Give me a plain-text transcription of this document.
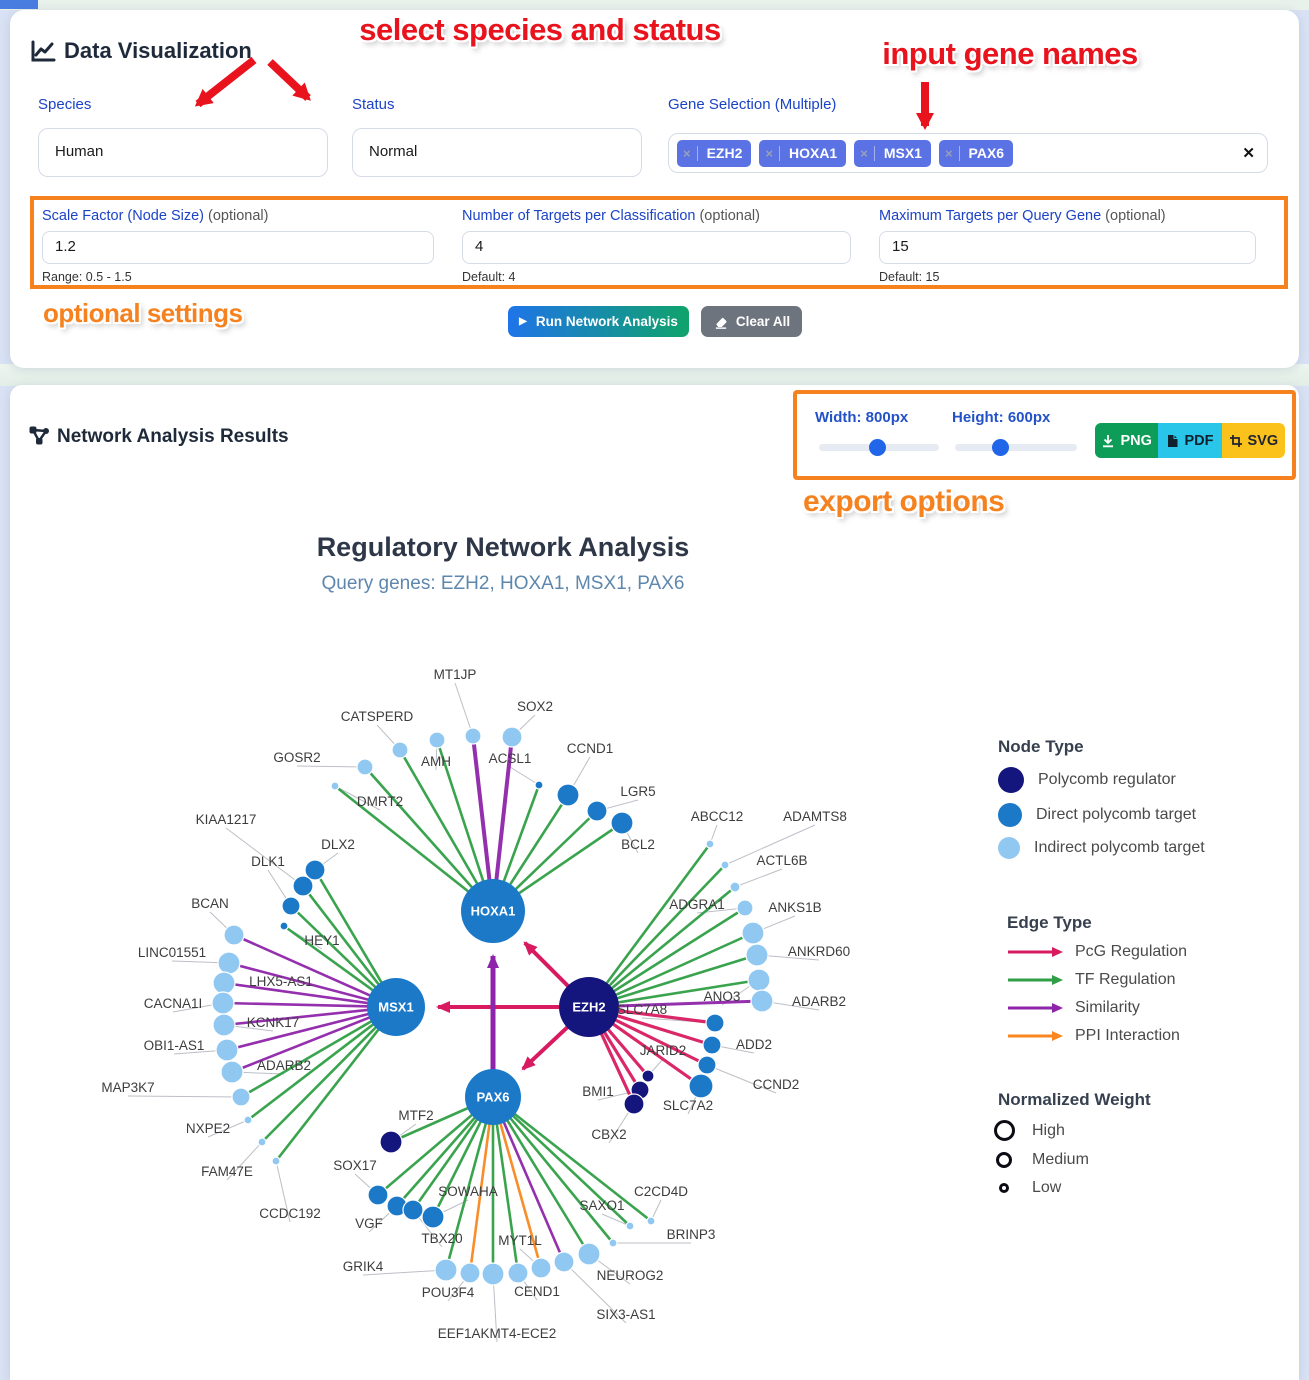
Data Visualization
select species and status
input gene names
Species	Status	Gene Selection (Multiple)
Human	Normal	×	EZH2	×	HOXA1	×	MSX1	×	PAX6	✕
Scale Factor (Node Size) (optional)
1.2
Range: 0.5 - 1.5
Number of Targets per Classification (optional)
4
Default: 4
Maximum Targets per Query Gene (optional)
15
Default: 15
optional settings	▶ Run Network Analysis	Clear All
Network Analysis Results
Width: 800px	Height: 600px
PNG PDF SVG
export options
Regulatory Network Analysis
Query genes: EZH2, HOXA1, MSX1, PAX6
EZH2
HOXA1
MSX1
PAX6
GOSR2
CATSPERD
MT1JP
SOX2
AMH	ACSL1
CCND1
LGR5
BCL2
DMRT2
DLX2
KIAA1217
DLK1
HEY1
BCAN
LINC01551
LHX5-AS1
CACNA1I
KCNK17
OBI1-AS1
ADARB2
MAP3K7
NXPE2
FAM47E
CCDC192
ABCC12	ADAMTS8
ACTL6B
ADGRA1	ANKS1B
ANKRD60
ANO3	ADARB2
SLC7A8
ADD2
CCND2
SLC7A2
JARID2
BMI1
CBX2
MTF2
SOX17
VGF
TBX20
SOWAHA
GRIK4
POU3F4
EEF1AKMT4-ECE2
CEND1
MYT1L
SIX3-AS1
NEUROG2
SAXO1
BRINP3
C2CD4D
Node Type
Polycomb regulator
Direct polycomb target
Indirect polycomb target
Edge Type
PcG Regulation
TF Regulation
Similarity
PPI Interaction
Normalized Weight
High
Medium
Low
